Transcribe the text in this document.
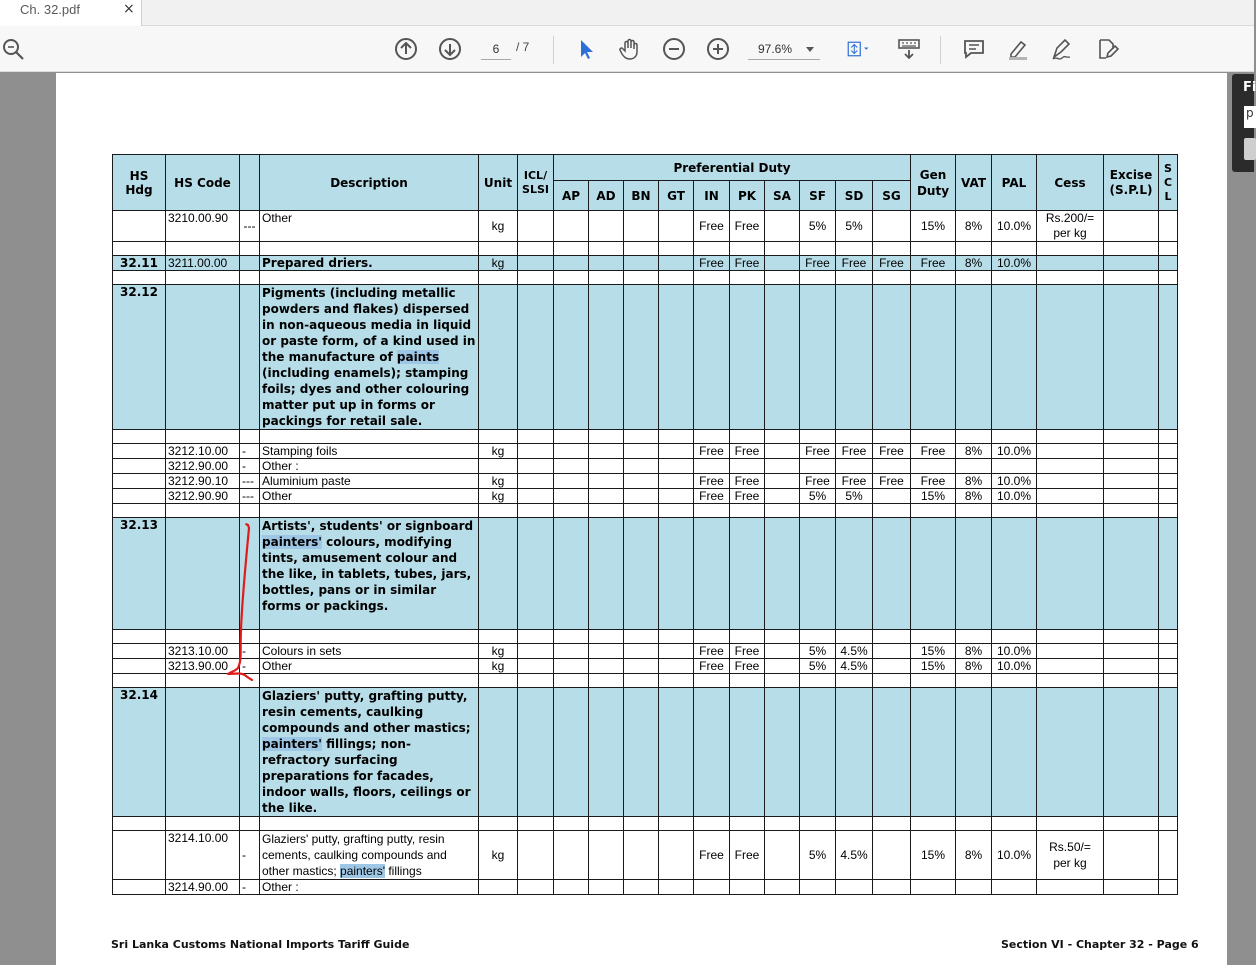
Ch. 32.pdf	×
6	/ 7	97.6%
Fi
p
HS Hdg	HS Code		Description	Unit	ICL/ SLSI	Preferential Duty										Gen Duty	VAT	PAL	Cess	Excise (S.P.L)	S C L
						AP	AD	BN	GT	IN	PK	SA	SF	SD	SG						
	3210.00.90	---	Other	kg						Free	Free		5%	5%		15%	8%	10.0%	Rs.200/= per kg		

32.11	3211.00.00		Prepared driers.	kg						Free	Free		Free	Free	Free	Free	8%	10.0%			

32.12			Pigments (including metallic powders and flakes) dispersed in non-aqueous media in liquid or paste form, of a kind used in the manufacture of paints (including enamels); stamping foils; dyes and other colouring matter put up in forms or packings for retail sale.																		

	3212.10.00	-	Stamping foils	kg						Free	Free		Free	Free	Free	Free	8%	10.0%			
	3212.90.00	-	Other :																		
	3212.90.10	---	Aluminium paste	kg						Free	Free		Free	Free	Free	Free	8%	10.0%			
	3212.90.90	---	Other	kg						Free	Free		5%	5%		15%	8%	10.0%			

32.13			Artists', students' or signboard painters' colours, modifying tints, amusement colour and the like, in tablets, tubes, jars, bottles, pans or in similar forms or packings.																		

	3213.10.00	-	Colours in sets	kg						Free	Free		5%	4.5%		15%	8%	10.0%			
	3213.90.00	-	Other	kg						Free	Free		5%	4.5%		15%	8%	10.0%			

32.14			Glaziers' putty, grafting putty, resin cements, caulking compounds and other mastics; painters' fillings; non-refractory surfacing preparations for facades, indoor walls, floors, ceilings or the like.																		

	3214.10.00	-	Glaziers' putty, grafting putty, resin cements, caulking compounds and other mastics; painters' fillings	kg						Free	Free		5%	4.5%		15%	8%	10.0%	Rs.50/= per kg		
	3214.90.00	-	Other :																		
Sri Lanka Customs National Imports Tariff Guide	Section VI - Chapter 32 - Page 6
